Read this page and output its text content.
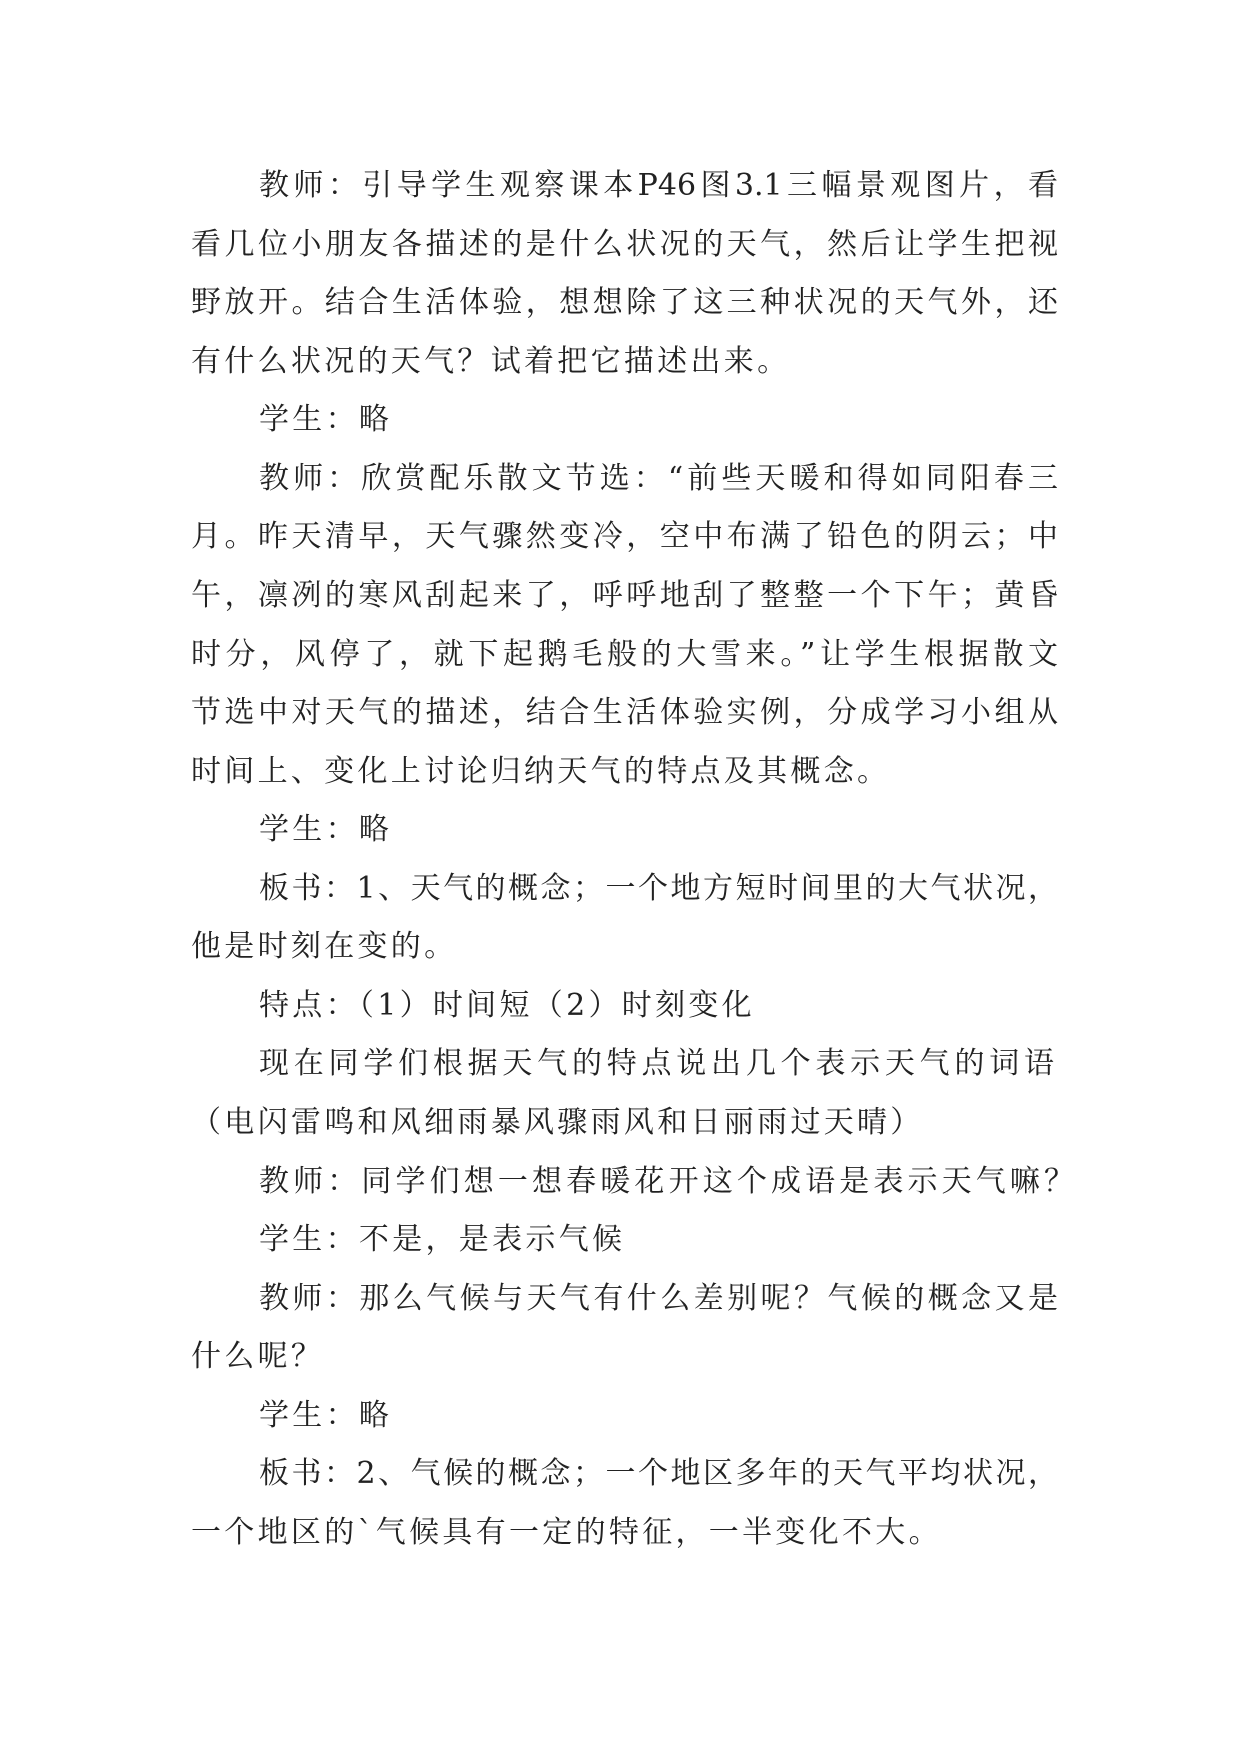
教师：引导学生观察课本P46图3.1三幅景观图片，看
看几位小朋友各描述的是什么状况的天气，然后让学生把视
野放开。结合生活体验，想想除了这三种状况的天气外，还
有什么状况的天气？试着把它描述出来。
学生：略
教师：欣赏配乐散文节选：“前些天暖和得如同阳春三
月。昨天清早，天气骤然变冷，空中布满了铅色的阴云；中
午，凛冽的寒风刮起来了，呼呼地刮了整整一个下午；黄昏
时分，风停了，就下起鹅毛般的大雪来。”让学生根据散文
节选中对天气的描述，结合生活体验实例，分成学习小组从
时间上、变化上讨论归纳天气的特点及其概念。
学生：略
板书：1、天气的概念；一个地方短时间里的大气状况，
他是时刻在变的。
特点：（1）时间短（2）时刻变化
现在同学们根据天气的特点说出几个表示天气的词语
（电闪雷鸣和风细雨暴风骤雨风和日丽雨过天晴）
教师：同学们想一想春暖花开这个成语是表示天气嘛？
学生：不是，是表示气候
教师：那么气候与天气有什么差别呢？气候的概念又是
什么呢？
学生：略
板书：2、气候的概念；一个地区多年的天气平均状况，
一个地区的`气候具有一定的特征，一半变化不大。
